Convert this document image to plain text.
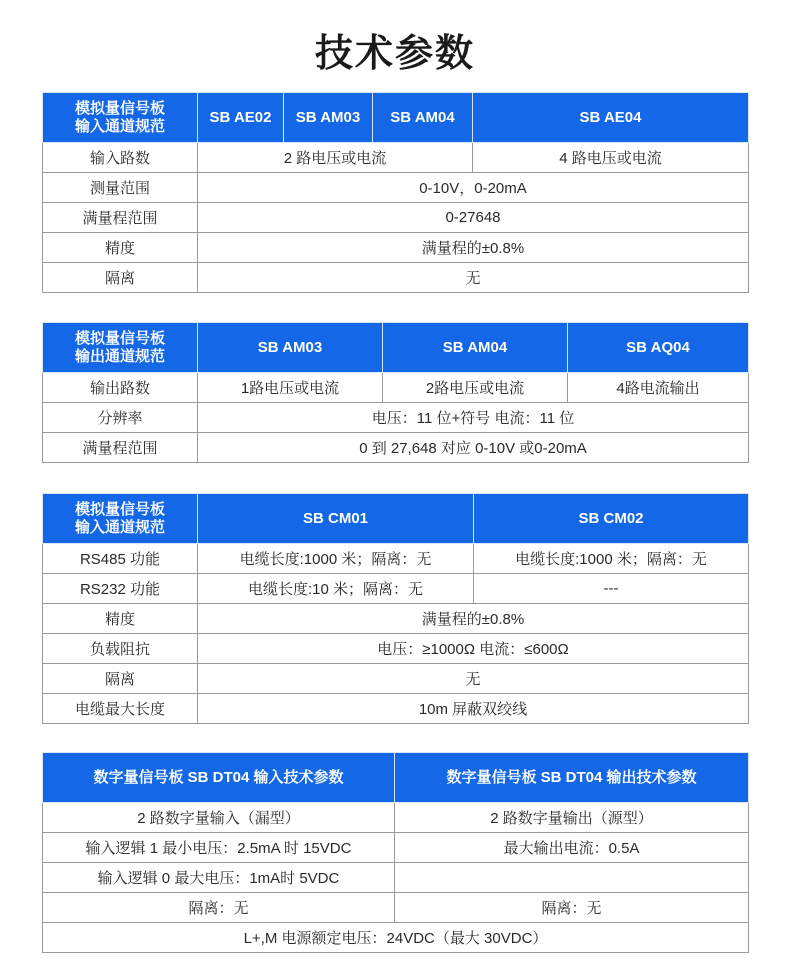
技术参数
模拟量信号板
输入通道规范	SB AE02	SB AM03	SB AM04	SB AE04
输入路数	2 路电压或电流			4 路电压或电流
测量范围	0-10V，0-20mA			
满量程范围	0-27648			
精度	满量程的±0.8%			
隔离	无			
模拟量信号板
输出通道规范	SB AM03	SB AM04	SB AQ04
输出路数	1路电压或电流	2路电压或电流	4路电流输出
分辨率	电压：11 位+符号 电流：11 位		
满量程范围	0 到 27,648 对应 0-10V 或0-20mA		
模拟量信号板
输入通道规范	SB CM01	SB CM02
RS485 功能	电缆长度:1000 米；隔离：无	电缆长度:1000 米；隔离：无
RS232 功能	电缆长度:10 米；隔离：无	---
精度	满量程的±0.8%	
负载阻抗	电压：≥1000Ω 电流：≤600Ω	
隔离	无	
电缆最大长度	10m 屏蔽双绞线	
数字量信号板 SB DT04 输入技术参数	数字量信号板 SB DT04 输出技术参数
2 路数字量输入（漏型）	2 路数字量输出（源型）
输入逻辑 1 最小电压：2.5mA 时 15VDC	最大输出电流：0.5A
输入逻辑 0 最大电压：1mA时 5VDC	
隔离：无	隔离：无
L+,M 电源额定电压：24VDC（最大 30VDC）	
